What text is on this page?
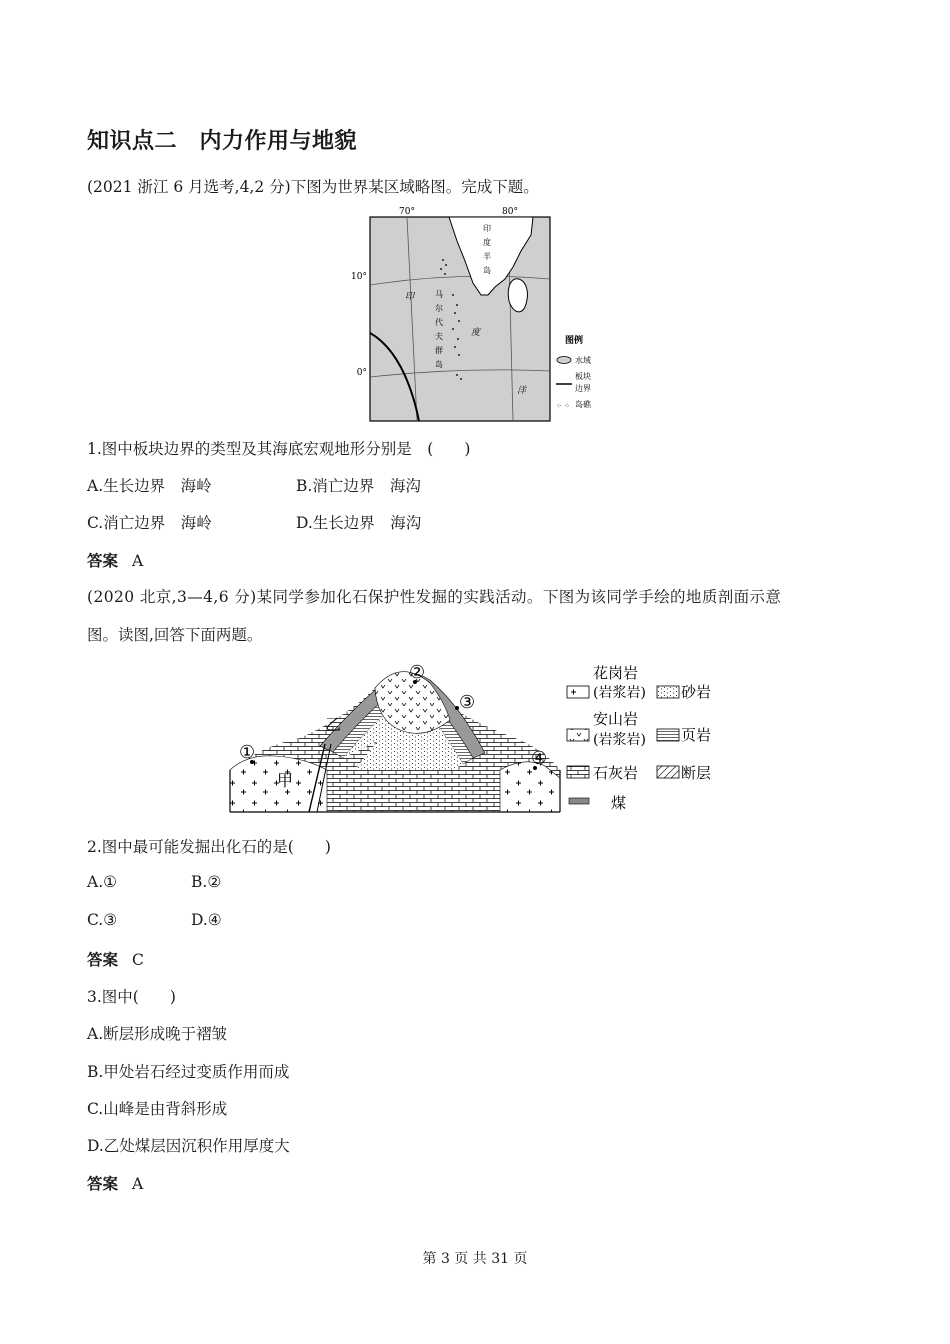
知识点二　内力作用与地貌
(2021 浙江 6 月选考,4,2 分)下图为世界某区域略图。完成下题。
70°	80°
10°
0°
印
度
半
岛
马
尔
代
夫
群
岛
印
度
洋
图例
水域
板块
边界
⁘ ⁘ 岛礁
1.图中板块边界的类型及其海底宏观地形分别是　(　　)
A.生长边界　海岭	B.消亡边界　海沟
C.消亡边界　海岭	D.生长边界　海沟
答案 A
(2020 北京,3—4,6 分)某同学参加化石保护性发掘的实践活动。下图为该同学手绘的地质剖面示意
图。读图,回答下面两题。
①
②
③
④
乙
甲
花岗岩
(岩浆岩) 砂岩
安山岩
(岩浆岩) 页岩
石灰岩	断层
煤
2.图中最可能发掘出化石的是(　　)
A.①	B.②
C.③	D.④
答案 C
3.图中(　　)
A.断层形成晚于褶皱
B.甲处岩石经过变质作用而成
C.山峰是由背斜形成
D.乙处煤层因沉积作用厚度大
答案 A
第 3 页 共 31 页
